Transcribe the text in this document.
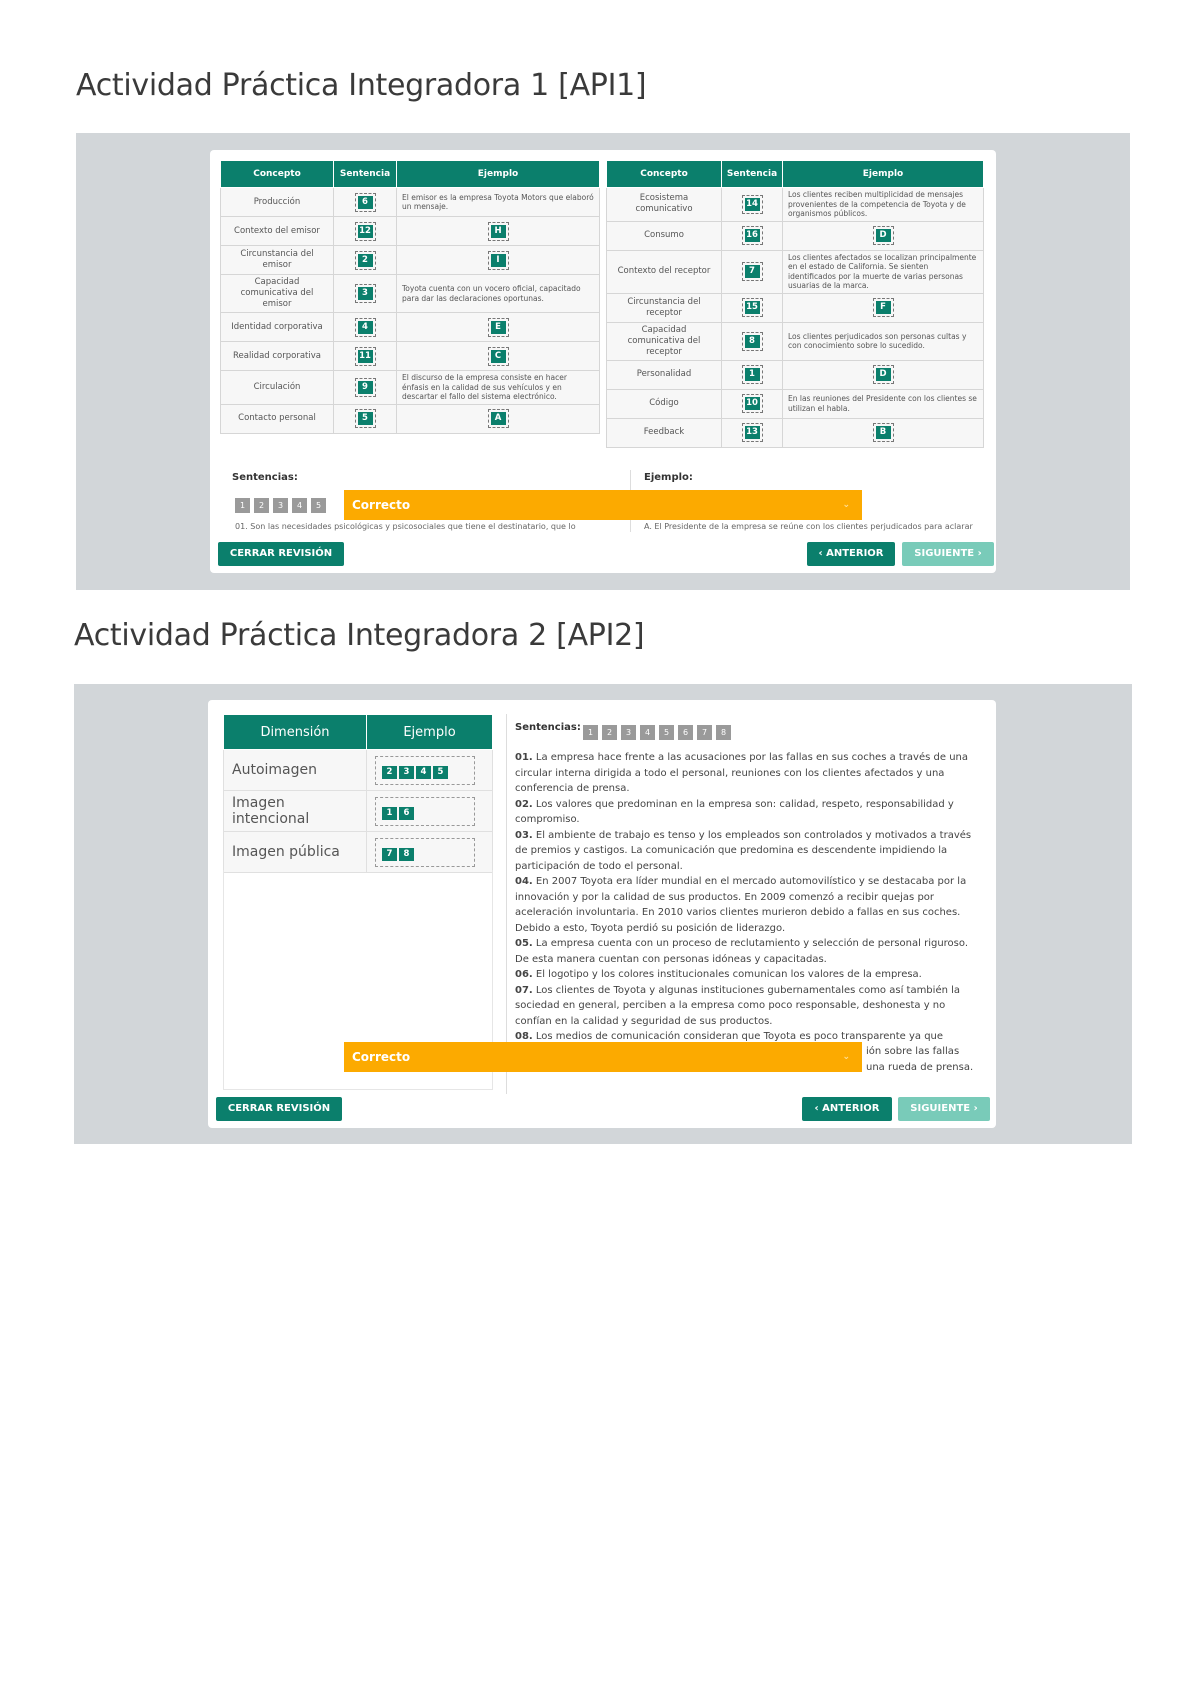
Actividad Práctica Integradora 1 [API1]
Concepto	Sentencia	Ejemplo
Producción	6	El emisor es la empresa Toyota Motors que elaboró un mensaje.
Contexto del emisor	12	H
Circunstancia del emisor	2	I
Capacidad comunicativa del emisor	3	Toyota cuenta con un vocero oficial, capacitado para dar las declaraciones oportunas.
Identidad corporativa	4	E
Realidad corporativa	11	C
Circulación	9	El discurso de la empresa consiste en hacer énfasis en la calidad de sus vehículos y en descartar el fallo del sistema electrónico.
Contacto personal	5	A
Concepto	Sentencia	Ejemplo
Ecosistema comunicativo	14	Los clientes reciben multiplicidad de mensajes provenientes de la competencia de Toyota y de organismos públicos.
Consumo	16	D
Contexto del receptor	7	Los clientes afectados se localizan principalmente en el estado de California. Se sienten identificados por la muerte de varias personas usuarias de la marca.
Circunstancia del receptor	15	F
Capacidad comunicativa del receptor	8	Los clientes perjudicados son personas cultas y con conocimiento sobre lo sucedido.
Personalidad	1	D
Código	10	En las reuniones del Presidente con los clientes se utilizan el habla.
Feedback	13	B
Sentencias:	Ejemplo:
1 2 3 4 5
01. Son las necesidades psicológicas y psicosociales que tiene el destinatario, que lo	A. El Presidente de la empresa se reúne con los clientes perjudicados para aclarar
Correcto	⌄
CERRAR REVISIÓN	‹ ANTERIOR	SIGUIENTE ›
Actividad Práctica Integradora 2 [API2]
Dimensión	Ejemplo
Autoimagen	2 3 4 5
Imagen intencional	1 6
Imagen pública	7 8
Sentencias: 1 2 3 4 5 6 7 8

01. La empresa hace frente a las acusaciones por las fallas en sus coches a través de una circular interna dirigida a todo el personal, reuniones con los clientes afectados y una conferencia de prensa.

02. Los valores que predominan en la empresa son: calidad, respeto, responsabilidad y compromiso.

03. El ambiente de trabajo es tenso y los empleados son controlados y motivados a través de premios y castigos. La comunicación que predomina es descendente impidiendo la participación de todo el personal.

04. En 2007 Toyota era líder mundial en el mercado automovilístico y se destacaba por la innovación y por la calidad de sus productos. En 2009 comenzó a recibir quejas por aceleración involuntaria. En 2010 varios clientes murieron debido a fallas en sus coches. Debido a esto, Toyota perdió su posición de liderazgo.

05. La empresa cuenta con un proceso de reclutamiento y selección de personal riguroso. De esta manera cuentan con personas idóneas y capacitadas.

06. El logotipo y los colores institucionales comunican los valores de la empresa.

07. Los clientes de Toyota y algunas instituciones gubernamentales como así también la sociedad en general, perciben a la empresa como poco responsable, deshonesta y no confían en la calidad y seguridad de sus productos.

08. Los medios de comunicación consideran que Toyota es poco transparente ya que

Correcto	⌄ ión sobre las fallas
una rueda de prensa.
CERRAR REVISIÓN	‹ ANTERIOR	SIGUIENTE ›
